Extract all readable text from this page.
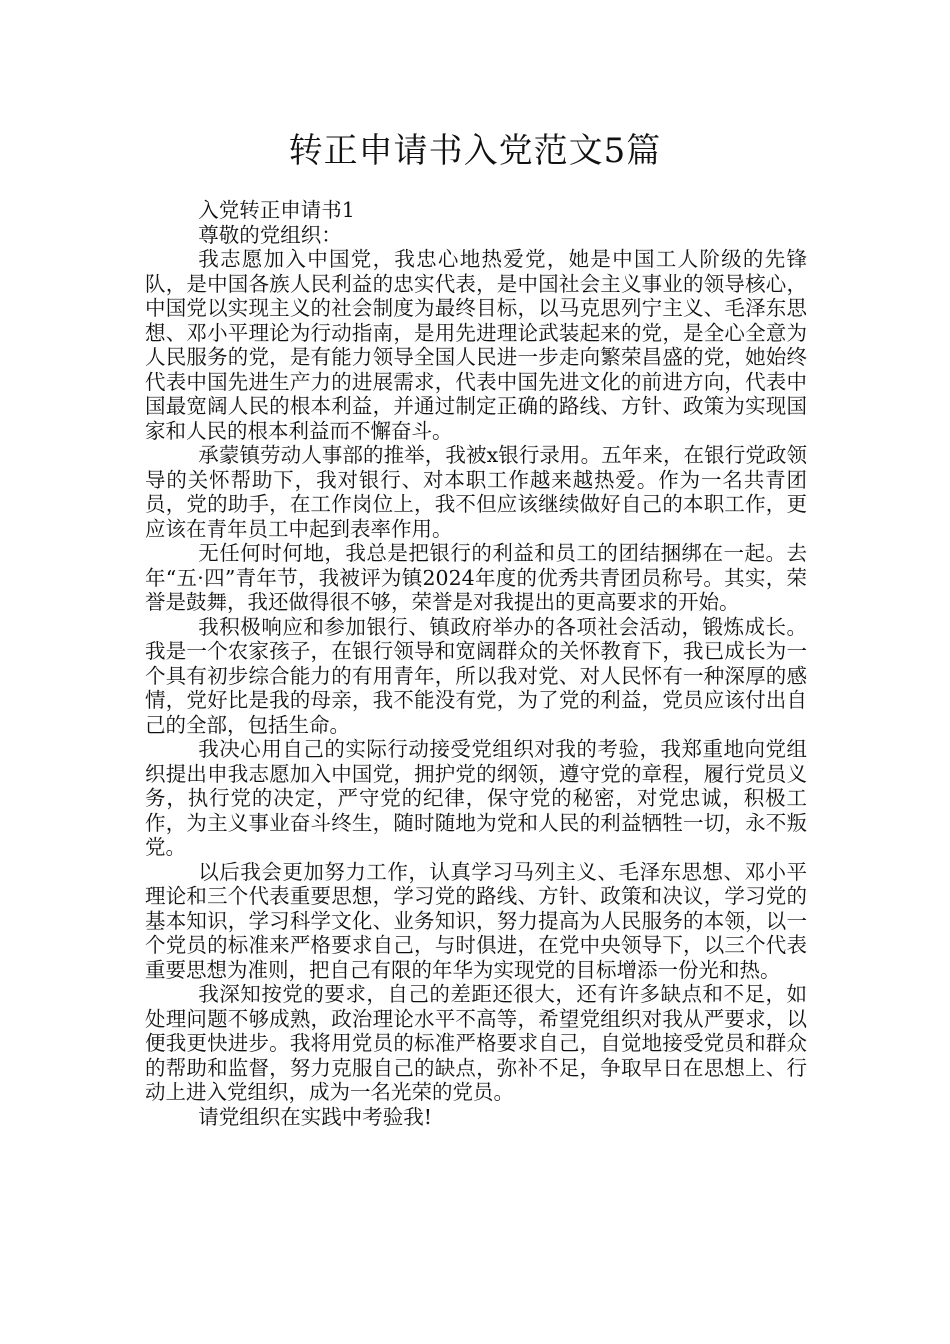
转正申请书入党范文5篇

入党转正申请书1

尊敬的党组织：

我志愿加入中国党，我忠心地热爱党，她是中国工人阶级的先锋队，是中国各族人民利益的忠实代表，是中国社会主义事业的领导核心，中国党以实现主义的社会制度为最终目标，以马克思列宁主义、毛泽东思想、邓小平理论为行动指南，是用先进理论武装起来的党，是全心全意为人民服务的党，是有能力领导全国人民进一步走向繁荣昌盛的党，她始终代表中国先进生产力的进展需求，代表中国先进文化的前进方向，代表中国最宽阔人民的根本利益，并通过制定正确的路线、方针、政策为实现国家和人民的根本利益而不懈奋斗。

承蒙镇劳动人事部的推举，我被x银行录用。五年来，在银行党政领导的关怀帮助下，我对银行、对本职工作越来越热爱。作为一名共青团员，党的助手，在工作岗位上，我不但应该继续做好自己的本职工作，更应该在青年员工中起到表率作用。

无任何时何地，我总是把银行的利益和员工的团结捆绑在一起。去年“五·四”青年节，我被评为镇2024年度的优秀共青团员称号。其实，荣誉是鼓舞，我还做得很不够，荣誉是对我提出的更高要求的开始。

我积极响应和参加银行、镇政府举办的各项社会活动，锻炼成长。我是一个农家孩子，在银行领导和宽阔群众的关怀教育下，我已成长为一个具有初步综合能力的有用青年，所以我对党、对人民怀有一种深厚的感情，党好比是我的母亲，我不能没有党，为了党的利益，党员应该付出自己的全部，包括生命。

我决心用自己的实际行动接受党组织对我的考验，我郑重地向党组织提出申我志愿加入中国党，拥护党的纲领，遵守党的章程，履行党员义务，执行党的决定，严守党的纪律，保守党的秘密，对党忠诚，积极工作，为主义事业奋斗终生，随时随地为党和人民的利益牺牲一切，永不叛党。

以后我会更加努力工作，认真学习马列主义、毛泽东思想、邓小平理论和三个代表重要思想，学习党的路线、方针、政策和决议，学习党的基本知识，学习科学文化、业务知识，努力提高为人民服务的本领，以一个党员的标准来严格要求自己，与时俱进，在党中央领导下，以三个代表重要思想为准则，把自己有限的年华为实现党的目标增添一份光和热。

我深知按党的要求，自己的差距还很大，还有许多缺点和不足，如处理问题不够成熟，政治理论水平不高等，希望党组织对我从严要求，以便我更快进步。我将用党员的标准严格要求自己，自觉地接受党员和群众的帮助和监督，努力克服自己的缺点，弥补不足，争取早日在思想上、行动上进入党组织，成为一名光荣的党员。

请党组织在实践中考验我!
